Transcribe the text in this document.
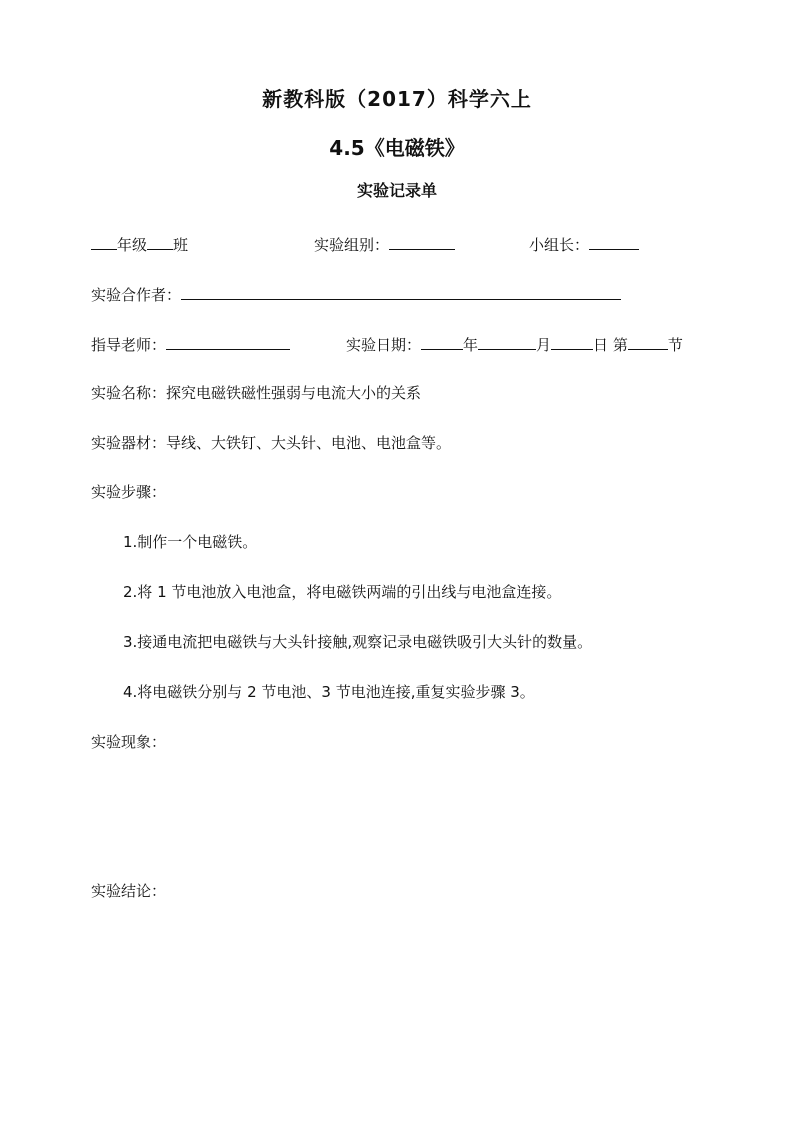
新教科版（2017）科学六上
4.5《电磁铁》
实验记录单
年级 班	实验组别：	小组长：
实验合作者：
指导老师：	实验日期：	年	月	日 第	节
实验名称：探究电磁铁磁性强弱与电流大小的关系
实验器材：导线、大铁钉、大头针、电池、电池盒等。
实验步骤：
1.制作一个电磁铁。
2.将 1 节电池放入电池盒，将电磁铁两端的引出线与电池盒连接。
3.接通电流把电磁铁与大头针接触,观察记录电磁铁吸引大头针的数量。
4.将电磁铁分别与 2 节电池、3 节电池连接,重复实验步骤 3。
实验现象：
实验结论：
